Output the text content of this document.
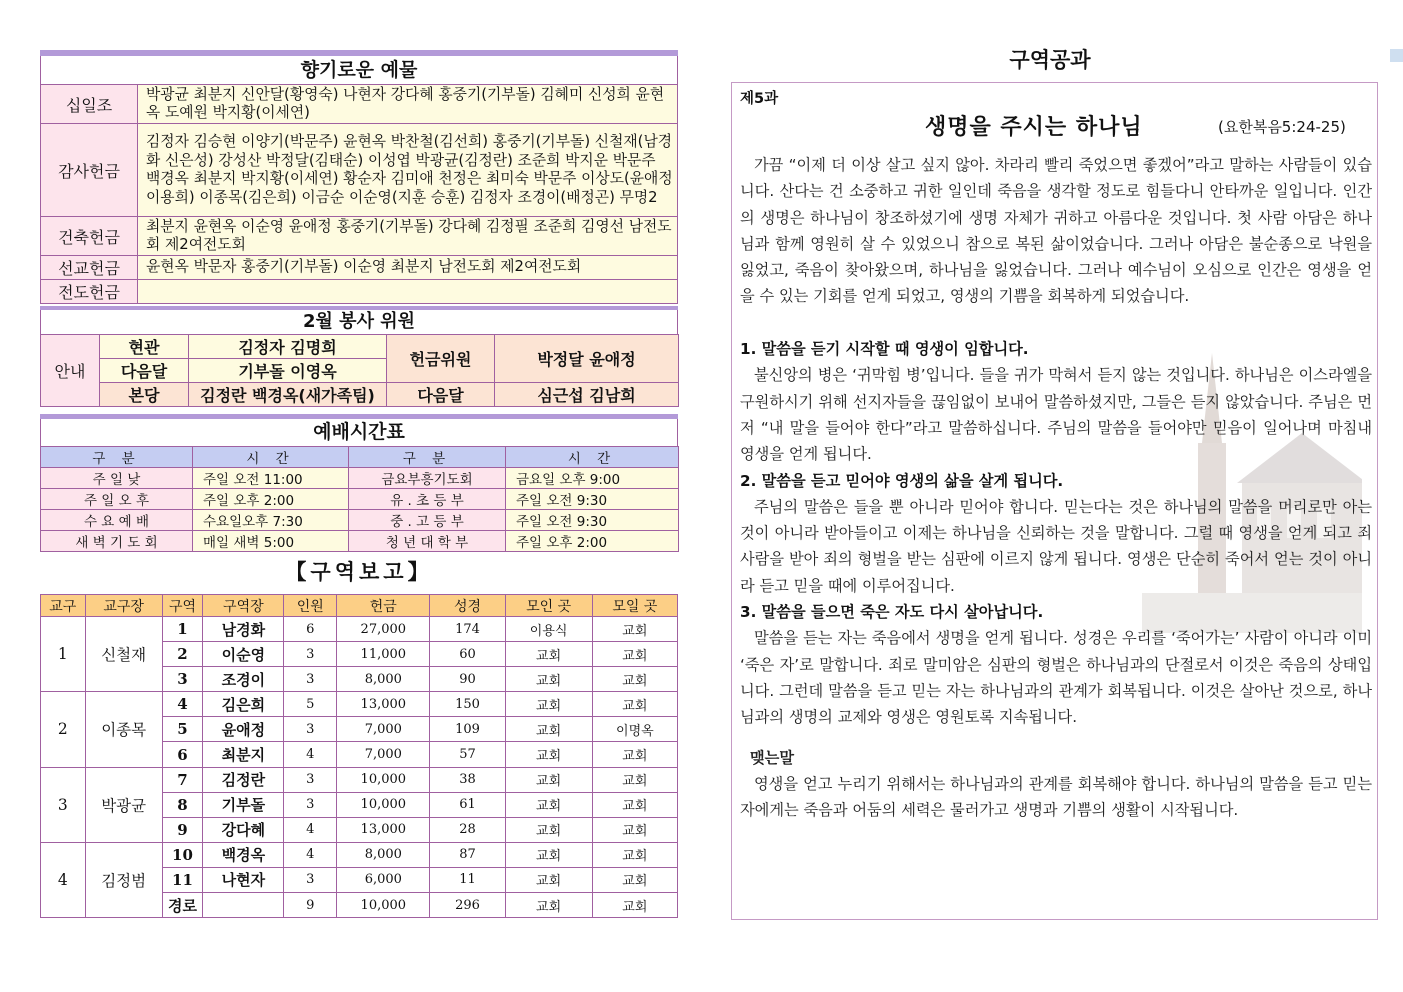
향기로운 예물
십일조	박광균 최분지 신안달(황영숙) 나현자 강다혜 홍중기(기부돌) 김혜미 신성희 윤현옥 도예원 박지황(이세연)
감사헌금	김정자 김승현 이양기(박문주) 윤현옥 박찬철(김선희) 홍중기(기부돌) 신철재(남경화 신은성) 강성산 박정달(김태순) 이성엽 박광균(김정란) 조준희 박지운 박문주 백경옥 최분지 박지황(이세연) 황순자 김미애 천정은 최미숙 박문주 이상도(윤애정 이용희) 이종목(김은희) 이금순 이순영(지훈 승훈) 김정자 조경이(배정곤) 무명2
건축헌금	최분지 윤현옥 이순영 윤애정 홍중기(기부돌) 강다혜 김정필 조준희 김영선 남전도회 제2여전도회
선교헌금	윤현옥 박문자 홍중기(기부돌) 이순영 최분지 남전도회 제2여전도회
전도헌금	
2월 봉사 위원
안내	현관	김정자 김명희	헌금위원	박정달 윤애정
	다음달	기부돌 이영옥		
	본당	김정란 백경옥(새가족팀)	다음달	심근섭 김남희
예배시간표
구 분	시 간	구 분	시 간
주 일 낮	주일 오전 11:00	금요부흥기도회	금요일 오후 9:00
주 일 오 후	주일 오후 2:00	유 . 초 등 부	주일 오전 9:30
수 요 예 배	수요일오후 7:30	중 . 고 등 부	주일 오전 9:30
새 벽 기 도 회	매일 새벽 5:00	청 년 대 학 부	주일 오후 2:00
【구역보고】
교구	교구장	구역	구역장	인원	헌금	성경	모인 곳	모일 곳
1	신철재	1	남경화	6	27,000	174	이용식	교회
		2	이순영	3	11,000	60	교회	교회
		3	조경이	3	8,000	90	교회	교회
2	이종목	4	김은희	5	13,000	150	교회	교회
		5	윤애정	3	7,000	109	교회	이명옥
		6	최분지	4	7,000	57	교회	교회
3	박광균	7	김정란	3	10,000	38	교회	교회
		8	기부돌	3	10,000	61	교회	교회
		9	강다혜	4	13,000	28	교회	교회
4	김정범	10	백경옥	4	8,000	87	교회	교회
		11	나현자	3	6,000	11	교회	교회
		경로		9	10,000	296	교회	교회
구역공과
제5과
생명을 주시는 하나님	(요한복음5:24-25)

가끔 “이제 더 이상 살고 싶지 않아. 차라리 빨리 죽었으면 좋겠어”라고 말하는 사람들이 있습니다. 산다는 건 소중하고 귀한 일인데 죽음을 생각할 정도로 힘들다니 안타까운 일입니다. 인간의 생명은 하나님이 창조하셨기에 생명 자체가 귀하고 아름다운 것입니다. 첫 사람 아담은 하나님과 함께 영원히 살 수 있었으니 참으로 복된 삶이었습니다. 그러나 아담은 불순종으로 낙원을 잃었고, 죽음이 찾아왔으며, 하나님을 잃었습니다. 그러나 예수님이 오심으로 인간은 영생을 얻을 수 있는 기회를 얻게 되었고, 영생의 기쁨을 회복하게 되었습니다.

1. 말씀을 듣기 시작할 때 영생이 임합니다.

불신앙의 병은 ‘귀막힘 병’입니다. 들을 귀가 막혀서 듣지 않는 것입니다. 하나님은 이스라엘을 구원하시기 위해 선지자들을 끊임없이 보내어 말씀하셨지만, 그들은 듣지 않았습니다. 주님은 먼저 “내 말을 들어야 한다”라고 말씀하십니다. 주님의 말씀을 들어야만 믿음이 일어나며 마침내 영생을 얻게 됩니다.

2. 말씀을 듣고 믿어야 영생의 삶을 살게 됩니다.

주님의 말씀은 들을 뿐 아니라 믿어야 합니다. 믿는다는 것은 하나님의 말씀을 머리로만 아는 것이 아니라 받아들이고 이제는 하나님을 신뢰하는 것을 말합니다. 그럴 때 영생을 얻게 되고 죄 사람을 받아 죄의 형벌을 받는 심판에 이르지 않게 됩니다. 영생은 단순히 죽어서 얻는 것이 아니라 듣고 믿을 때에 이루어집니다.

3. 말씀을 들으면 죽은 자도 다시 살아납니다.

말씀을 듣는 자는 죽음에서 생명을 얻게 됩니다. 성경은 우리를 ‘죽어가는’ 사람이 아니라 이미 ‘죽은 자’로 말합니다. 죄로 말미암은 심판의 형벌은 하나님과의 단절로서 이것은 죽음의 상태입니다. 그런데 말씀을 듣고 믿는 자는 하나님과의 관계가 회복됩니다. 이것은 살아난 것으로, 하나님과의 생명의 교제와 영생은 영원토록 지속됩니다.

맺는말

영생을 얻고 누리기 위해서는 하나님과의 관계를 회복해야 합니다. 하나님의 말씀을 듣고 믿는 자에게는 죽음과 어둠의 세력은 물러가고 생명과 기쁨의 생활이 시작됩니다.
